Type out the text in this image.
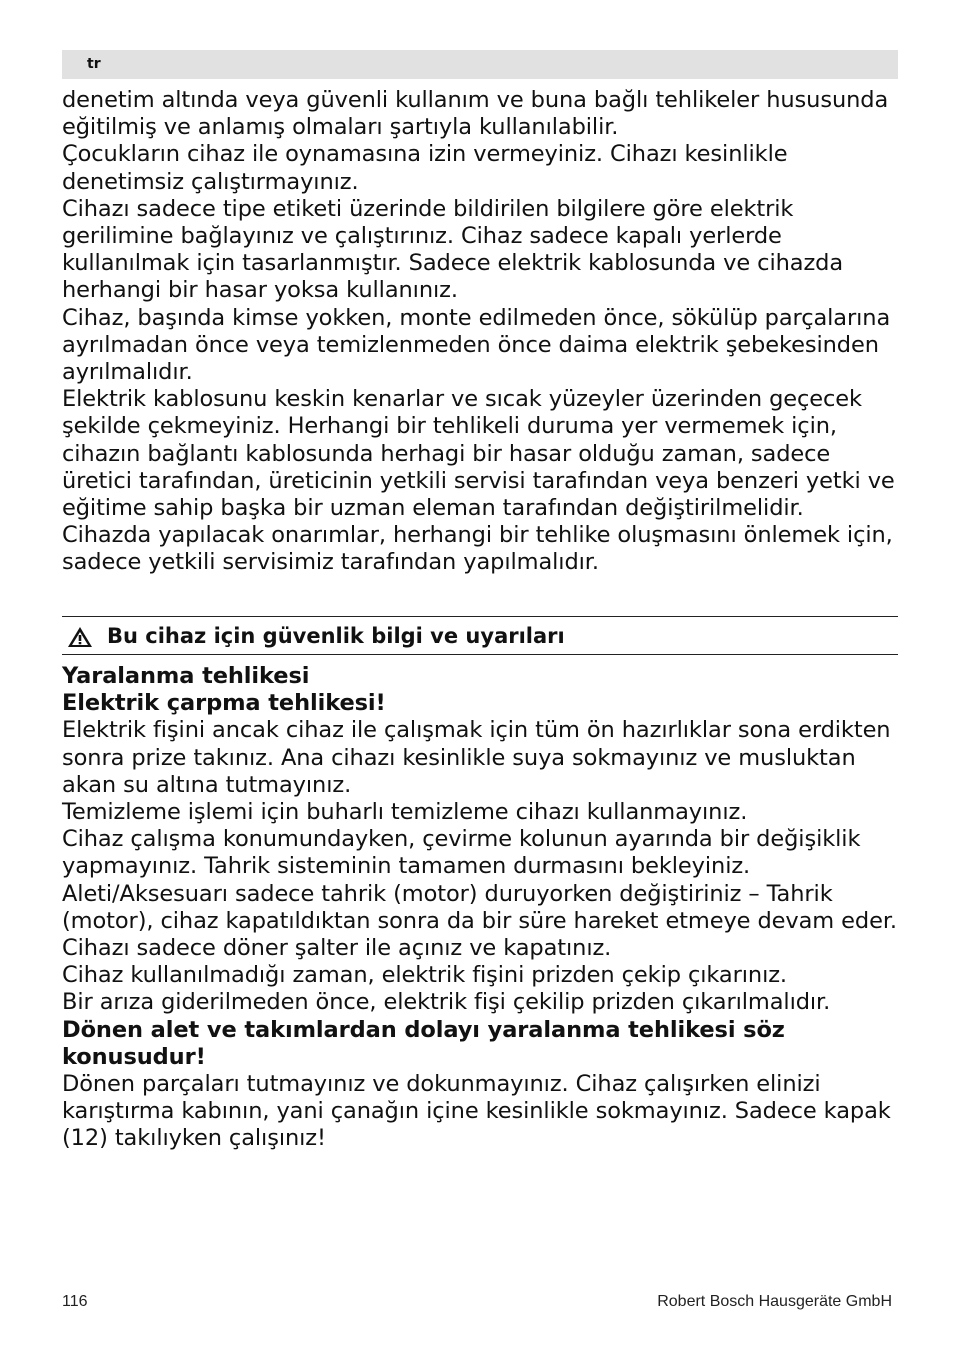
tr

denetim altında veya güvenli kullanım ve buna bağlı tehlikeler hususunda eğitilmiş ve anlamış olmaları şartıyla kullanılabilir.

Çocukların cihaz ile oynamasına izin vermeyiniz. Cihazı kesinlikle denetimsiz çalıştırmayınız.

Cihazı sadece tipe etiketi üzerinde bildirilen bilgilere göre elektrik gerilimine bağlayınız ve çalıştırınız. Cihaz sadece kapalı yerlerde kullanılmak için tasarlanmıştır. Sadece elektrik kablosunda ve cihazda herhangi bir hasar yoksa kullanınız.

Cihaz, başında kimse yokken, monte edilmeden önce, sökülüp parçalarına ayrılmadan önce veya temizlenmeden önce daima elektrik şebekesinden ayrılmalıdır.

Elektrik kablosunu keskin kenarlar ve sıcak yüzeyler üzerinden geçecek şekilde çekmeyiniz. Herhangi bir tehlikeli duruma yer vermemek için, cihazın bağlantı kablosunda herhagi bir hasar olduğu zaman, sadece üretici tarafından, üreticinin yetkili servisi tarafından veya benzeri yetki ve eğitime sahip başka bir uzman eleman tarafından değiştirilmelidir.

Cihazda yapılacak onarımlar, herhangi bir tehlike oluşmasını önlemek için, sadece yetkili servisimiz tarafından yapılmalıdır.

Bu cihaz için güvenlik bilgi ve uyarıları

Yaralanma tehlikesi

Elektrik çarpma tehlikesi!

Elektrik fişini ancak cihaz ile çalışmak için tüm ön hazırlıklar sona erdikten sonra prize takınız. Ana cihazı kesinlikle suya sokmayınız ve musluktan akan su altına tutmayınız.

Temizleme işlemi için buharlı temizleme cihazı kullanmayınız.

Cihaz çalışma konumundayken, çevirme kolunun ayarında bir değişiklik yapmayınız. Tahrik sisteminin tamamen durmasını bekleyiniz.

Aleti/Aksesuarı sadece tahrik (motor) duruyorken değiştiriniz – Tahrik (motor), cihaz kapatıldıktan sonra da bir süre hareket etmeye devam eder.

Cihazı sadece döner şalter ile açınız ve kapatınız.

Cihaz kullanılmadığı zaman, elektrik fişini prizden çekip çıkarınız.

Bir arıza giderilmeden önce, elektrik fişi çekilip prizden çıkarılmalıdır.

Dönen alet ve takımlardan dolayı yaralanma tehlikesi söz konusudur!

Dönen parçaları tutmayınız ve dokunmayınız. Cihaz çalışırken elinizi karıştırma kabının, yani çanağın içine kesinlikle sokmayınız. Sadece kapak (12) takılıyken çalışınız!

116	Robert Bosch Hausgeräte GmbH
